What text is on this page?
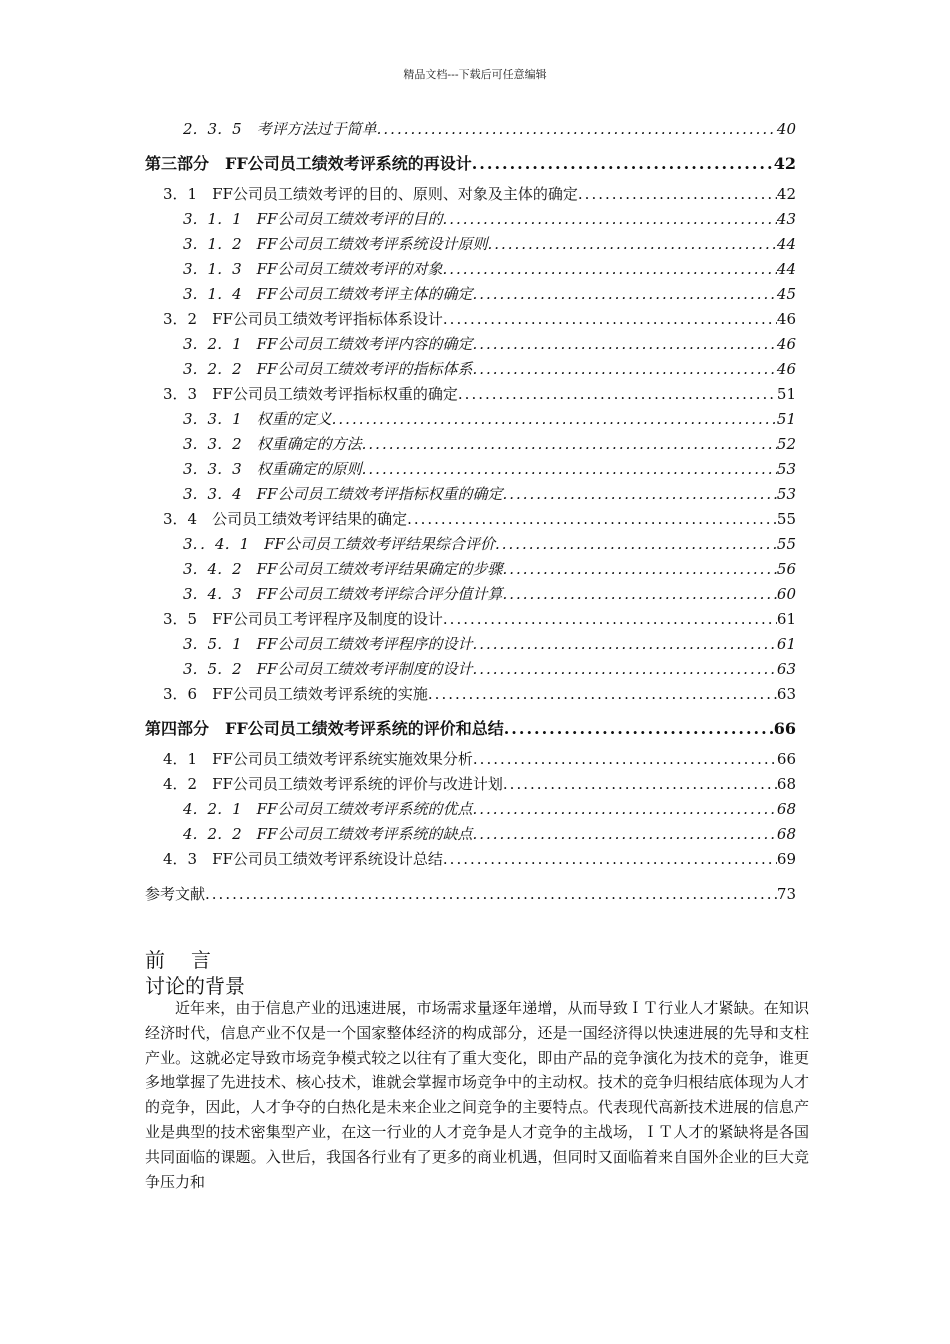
精品文档---下载后可任意编辑
2．3．5　考评方法过于简单 .....	40
第三部分　FF公司员工绩效考评系统的再设计 .....	42
3．1　FF公司员工绩效考评的目的、原则、对象及主体的确定 .....	42
3．1．1　FF公司员工绩效考评的目的 .....	43
3．1．2　FF公司员工绩效考评系统设计原则 .....	44
3．1．3　FF公司员工绩效考评的对象 .....	44
3．1．4　FF公司员工绩效考评主体的确定 .....	45
3．2　FF公司员工绩效考评指标体系设计 .....	46
3．2．1　FF公司员工绩效考评内容的确定 .....	46
3．2．2　FF公司员工绩效考评的指标体系 .....	46
3．3　FF公司员工绩效考评指标权重的确定 .....	51
3．3．1　权重的定义 .....	51
3．3．2　权重确定的方法 .....	52
3．3．3　权重确定的原则 .....	53
3．3．4　FF公司员工绩效考评指标权重的确定 .....	53
3．4　公司员工绩效考评结果的确定 .....	55
3．．4．1　FF公司员工绩效考评结果综合评价 .....	55
3．4．2　FF公司员工绩效考评结果确定的步骤 .....	56
3．4．3　FF公司员工绩效考评综合评分值计算 .....	60
3．5　FF公司员工考评程序及制度的设计 .....	61
3．5．1　FF公司员工绩效考评程序的设计 .....	61
3．5．2　FF公司员工绩效考评制度的设计 .....	63
3．6　FF公司员工绩效考评系统的实施 .....	63
第四部分　FF公司员工绩效考评系统的评价和总结 .....	66
4．1　FF公司员工绩效考评系统实施效果分析 .....	66
4．2　FF公司员工绩效考评系统的评价与改进计划 .....	68
4．2．1　FF公司员工绩效考评系统的优点 .....	68
4．2．2　FF公司员工绩效考评系统的缺点 .....	68
4．3　FF公司员工绩效考评系统设计总结 .....	69
参考文献 .....	73
前 言
讨论的背景
近年来，由于信息产业的迅速进展，市场需求量逐年递增，从而导致ＩＴ行业人才紧缺。在知识经济时代，信息产业不仅是一个国家整体经济的构成部分，还是一国经济得以快速进展的先导和支柱产业。这就必定导致市场竞争模式较之以往有了重大变化，即由产品的竞争演化为技术的竞争，谁更多地掌握了先进技术、核心技术，谁就会掌握市场竞争中的主动权。技术的竞争归根结底体现为人才的竞争，因此，人才争夺的白热化是未来企业之间竞争的主要特点。代表现代高新技术进展的信息产业是典型的技术密集型产业，在这一行业的人才竞争是人才竞争的主战场，ＩＴ人才的紧缺将是各国共同面临的课题。入世后，我国各行业有了更多的商业机遇，但同时又面临着来自国外企业的巨大竞争压力和
